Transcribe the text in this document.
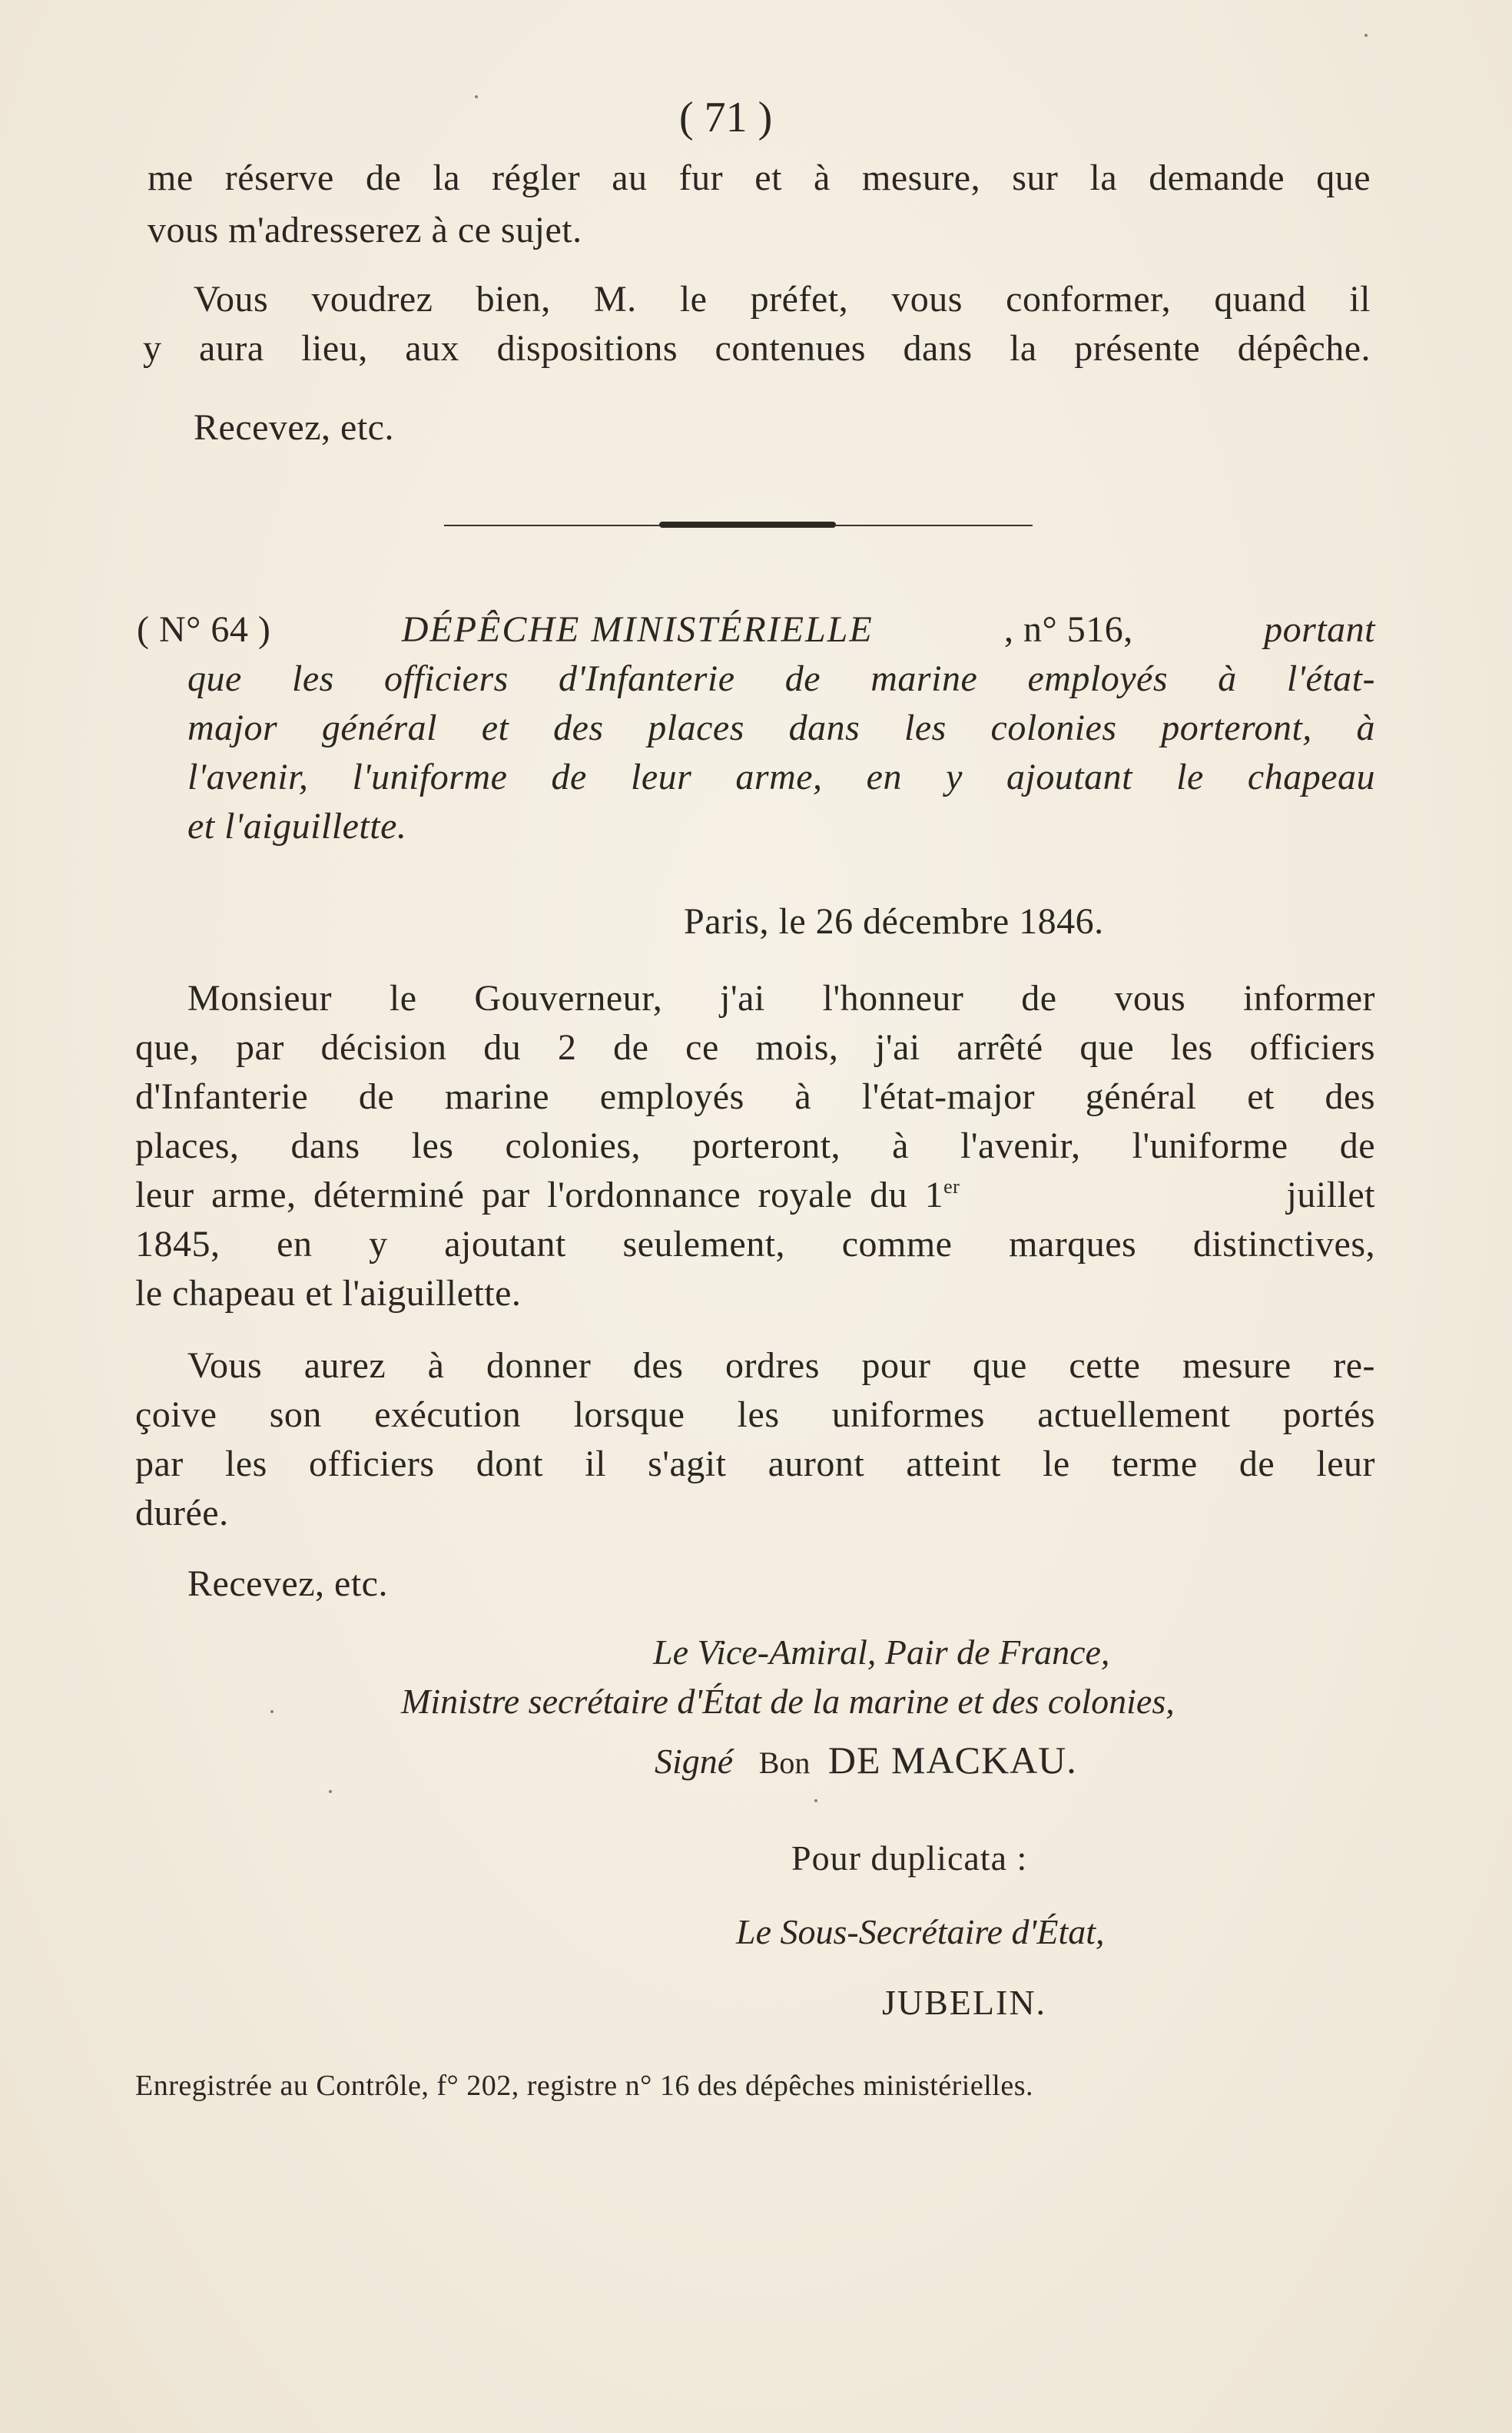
( 71 )
me réserve de la régler au fur et à mesure, sur la demande que
vous m'adresserez à ce sujet.
Vous voudrez bien, M. le préfet, vous conformer, quand il
y aura lieu, aux dispositions contenues dans la présente dépêche.
Recevez, etc.
( N° 64 )	DÉPÊCHE MINISTÉRIELLE	, n° 516,	portant
que les officiers d'Infanterie de marine employés à l'état-
major général et des places dans les colonies porteront, à
l'avenir, l'uniforme de leur arme, en y ajoutant le chapeau
et l'aiguillette.
Paris, le 26 décembre 1846.
Monsieur le Gouverneur, j'ai l'honneur de vous informer
que, par décision du 2 de ce mois, j'ai arrêté que les officiers
d'Infanterie de marine employés à l'état-major général et des
places, dans les colonies, porteront, à l'avenir, l'uniforme de
leur arme, déterminé par l'ordonnance royale du 1er	juillet
1845, en y ajoutant seulement, comme marques distinctives,
le chapeau et l'aiguillette.
Vous aurez à donner des ordres pour que cette mesure re-
çoive son exécution lorsque les uniformes actuellement portés
par les officiers dont il s'agit auront atteint le terme de leur
durée.
Recevez, etc.
Le Vice-Amiral, Pair de France,
Ministre secrétaire d'État de la marine et des colonies,
Signé Bon DE MACKAU.
Pour duplicata :
Le Sous-Secrétaire d'État,
JUBELIN.
Enregistrée au Contrôle, f° 202, registre n° 16 des dépêches ministérielles.
